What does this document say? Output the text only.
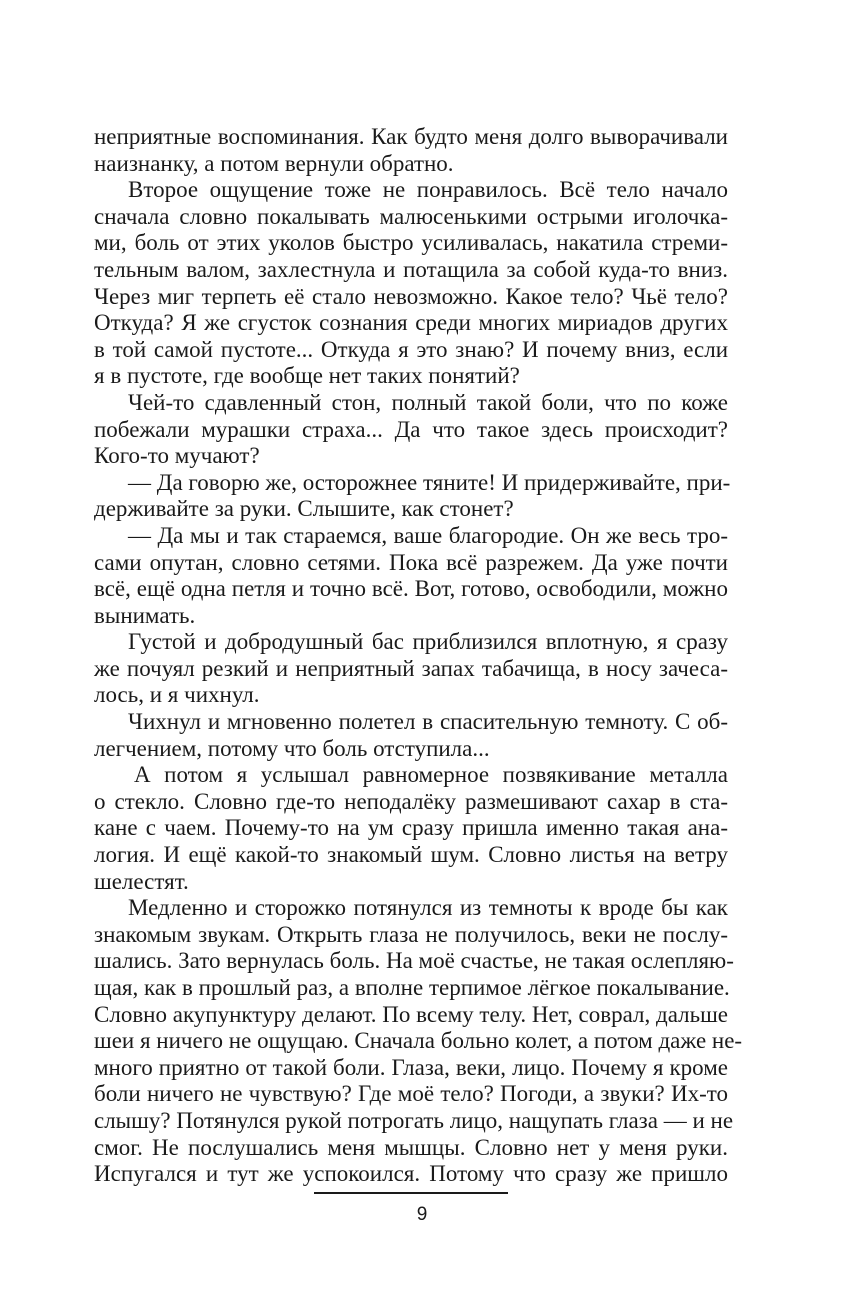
неприятные воспоминания. Как будто меня долго выворачивали
наизнанку, а потом вернули обратно.
Второе ощущение тоже не понравилось. Всё тело начало
сначала словно покалывать малюсенькими острыми иголочка-
ми, боль от этих уколов быстро усиливалась, накатила стреми-
тельным валом, захлестнула и потащила за собой куда-то вниз.
Через миг терпеть её стало невозможно. Какое тело? Чьё тело?
Откуда? Я же сгусток сознания среди многих мириадов других
в той самой пустоте... Откуда я это знаю? И почему вниз, если
я в пустоте, где вообще нет таких понятий?
Чей-то сдавленный стон, полный такой боли, что по коже
побежали мурашки страха... Да что такое здесь происходит?
Кого-то мучают?
— Да говорю же, осторожнее тяните! И придерживайте, при-
держивайте за руки. Слышите, как стонет?
— Да мы и так стараемся, ваше благородие. Он же весь тро-
сами опутан, словно сетями. Пока всё разрежем. Да уже почти
всё, ещё одна петля и точно всё. Вот, готово, освободили, можно
вынимать.
Густой и добродушный бас приблизился вплотную, я сразу
же почуял резкий и неприятный запах табачища, в носу зачеса-
лось, и я чихнул.
Чихнул и мгновенно полетел в спасительную темноту. С об-
легчением, потому что боль отступила...
А потом я услышал равномерное позвякивание металла
о стекло. Словно где-то неподалёку размешивают сахар в ста-
кане с чаем. Почему-то на ум сразу пришла именно такая ана-
логия. И ещё какой-то знакомый шум. Словно листья на ветру
шелестят.
Медленно и сторожко потянулся из темноты к вроде бы как
знакомым звукам. Открыть глаза не получилось, веки не послу-
шались. Зато вернулась боль. На моё счастье, не такая ослепляю-
щая, как в прошлый раз, а вполне терпимое лёгкое покалывание.
Словно акупунктуру делают. По всему телу. Нет, соврал, дальше
шеи я ничего не ощущаю. Сначала больно колет, а потом даже не-
много приятно от такой боли. Глаза, веки, лицо. Почему я кроме
боли ничего не чувствую? Где моё тело? Погоди, а звуки? Их-то
слышу? Потянулся рукой потрогать лицо, нащупать глаза — и не
смог. Не послушались меня мышцы. Словно нет у меня руки.
Испугался и тут же успокоился. Потому что сразу же пришло
9
